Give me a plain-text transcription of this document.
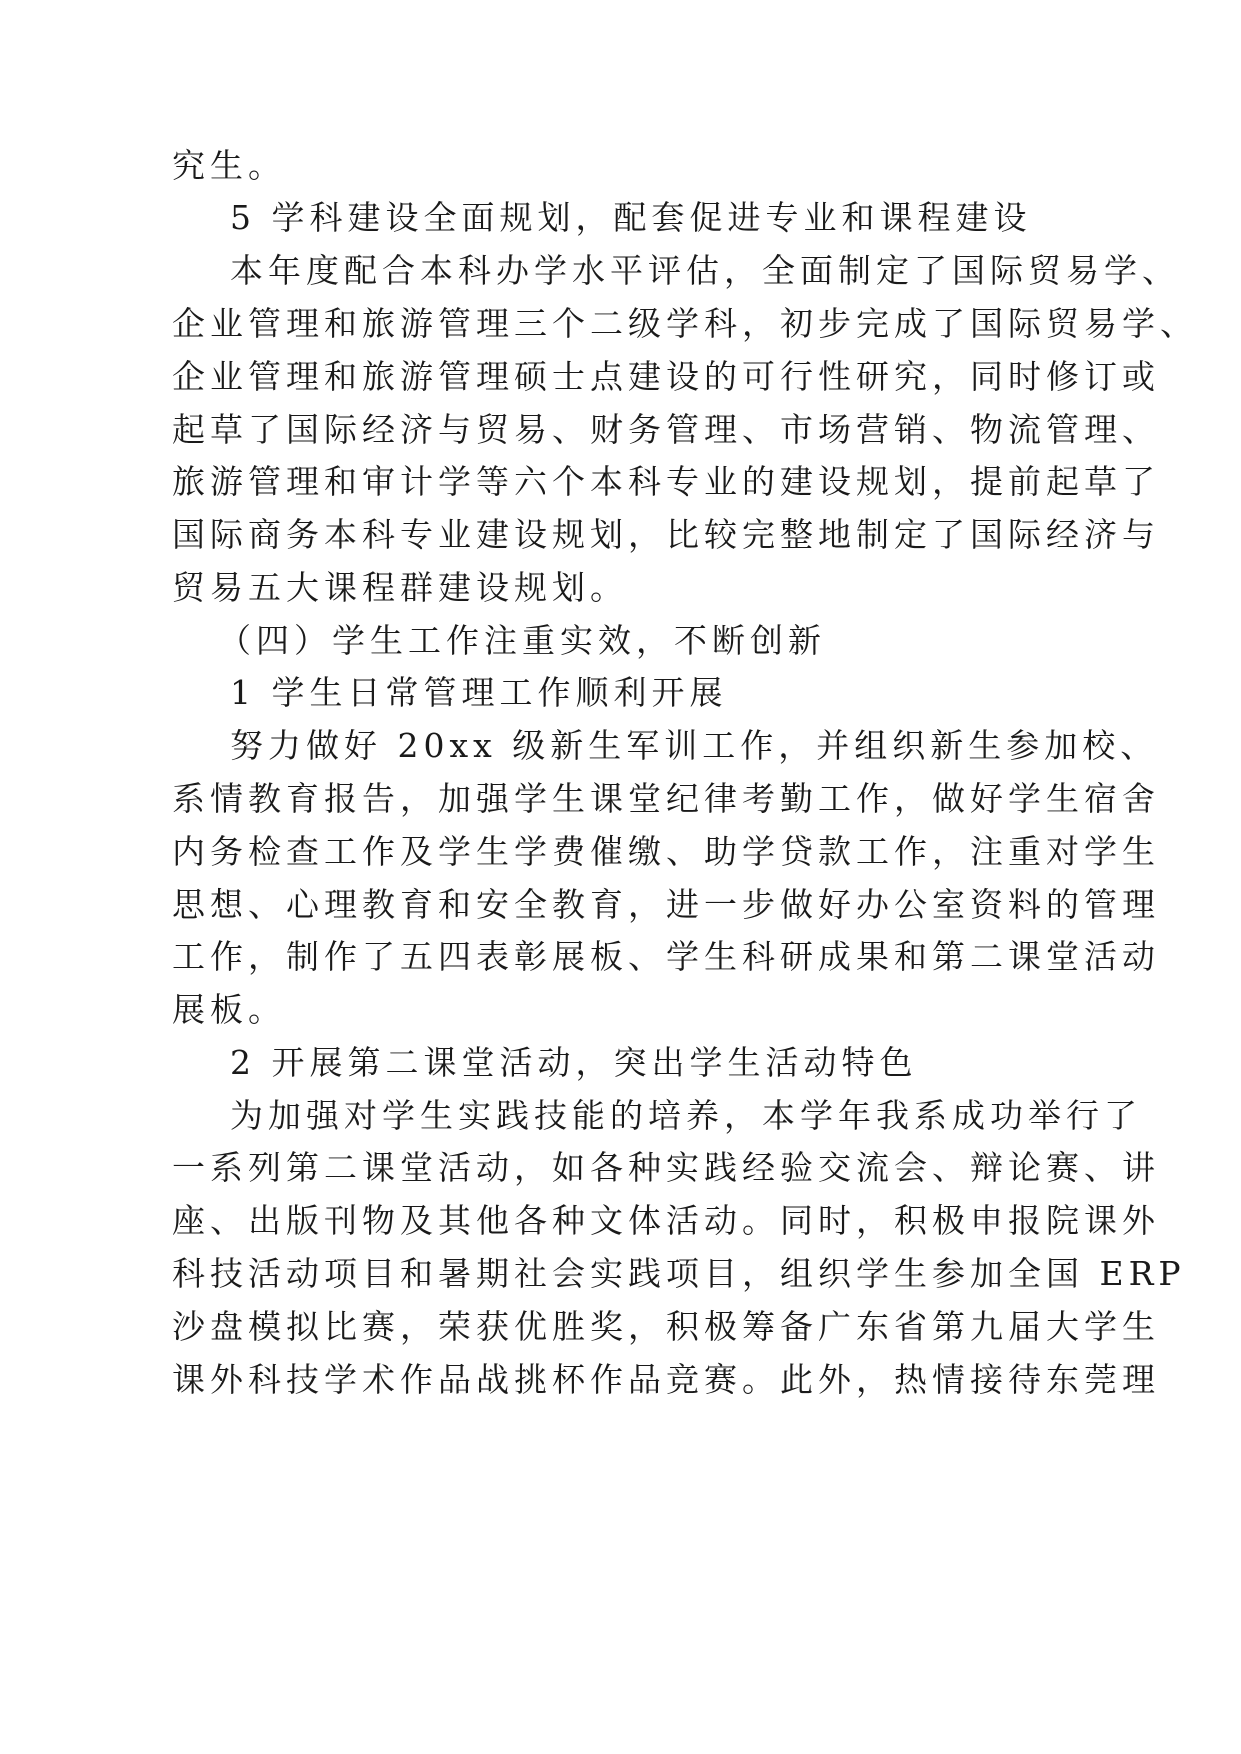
究生。
5 学科建设全面规划，配套促进专业和课程建设
本年度配合本科办学水平评估，全面制定了国际贸易学、
企业管理和旅游管理三个二级学科，初步完成了国际贸易学、
企业管理和旅游管理硕士点建设的可行性研究，同时修订或
起草了国际经济与贸易、财务管理、市场营销、物流管理、
旅游管理和审计学等六个本科专业的建设规划，提前起草了
国际商务本科专业建设规划，比较完整地制定了国际经济与
贸易五大课程群建设规划。
（四）学生工作注重实效，不断创新
1 学生日常管理工作顺利开展
努力做好 20xx 级新生军训工作，并组织新生参加校、
系情教育报告，加强学生课堂纪律考勤工作，做好学生宿舍
内务检查工作及学生学费催缴、助学贷款工作，注重对学生
思想、心理教育和安全教育，进一步做好办公室资料的管理
工作，制作了五四表彰展板、学生科研成果和第二课堂活动
展板。
2 开展第二课堂活动，突出学生活动特色
为加强对学生实践技能的培养，本学年我系成功举行了
一系列第二课堂活动，如各种实践经验交流会、辩论赛、讲
座、出版刊物及其他各种文体活动。同时，积极申报院课外
科技活动项目和暑期社会实践项目，组织学生参加全国 ERP
沙盘模拟比赛，荣获优胜奖，积极筹备广东省第九届大学生
课外科技学术作品战挑杯作品竞赛。此外，热情接待东莞理
